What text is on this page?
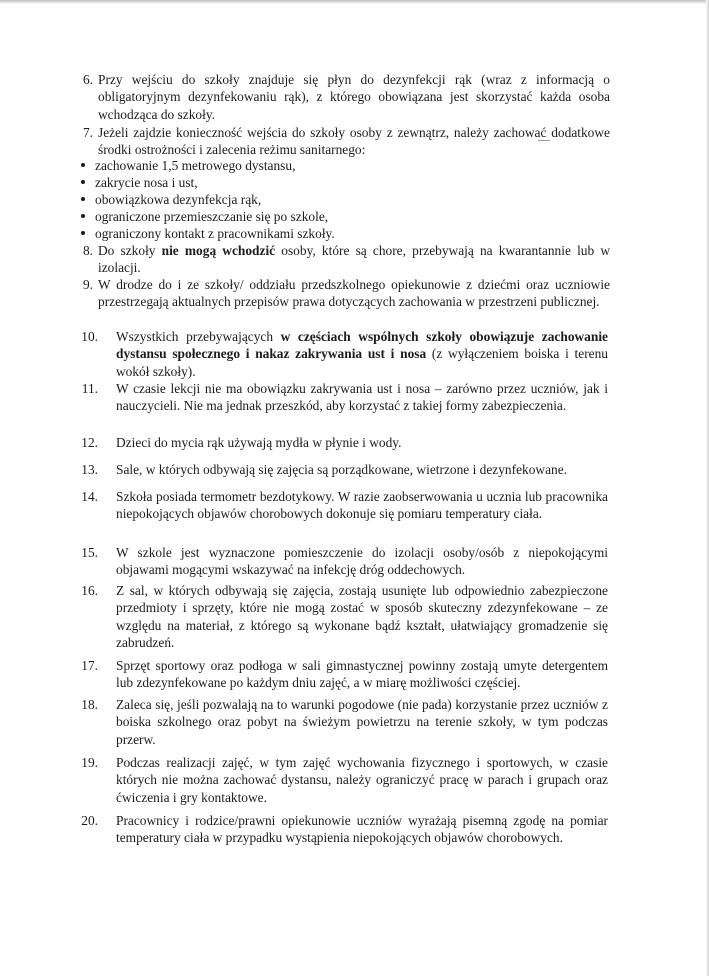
6. Przy wejściu do szkoły znajduje się płyn do dezynfekcji rąk (wraz z informacją o obligatoryjnym dezynfekowaniu rąk), z którego obowiązana jest skorzystać każda osoba wchodząca do szkoły.
7. Jeżeli zajdzie konieczność wejścia do szkoły osoby z zewnątrz, należy zachować dodatkowe środki ostrożności i zalecenia reżimu sanitarnego:
zachowanie 1,5 metrowego dystansu,
zakrycie nosa i ust,
obowiązkowa dezynfekcja rąk,
ograniczone przemieszczanie się po szkole,
ograniczony kontakt z pracownikami szkoły.
8. Do szkoły nie mogą wchodzić osoby, które są chore, przebywają na kwarantannie lub w izolacji.
9. W drodze do i ze szkoły/ oddziału przedszkolnego opiekunowie z dziećmi oraz uczniowie przestrzegają aktualnych przepisów prawa dotyczących zachowania w przestrzeni publicznej.
10. Wszystkich przebywających w częściach wspólnych szkoły obowiązuje zachowanie dystansu społecznego i nakaz zakrywania ust i nosa (z wyłączeniem boiska i terenu wokół szkoły).
11. W czasie lekcji nie ma obowiązku zakrywania ust i nosa – zarówno przez uczniów, jak i nauczycieli. Nie ma jednak przeszkód, aby korzystać z takiej formy zabezpieczenia.
12. Dzieci do mycia rąk używają mydła w płynie i wody.
13. Sale, w których odbywają się zajęcia są porządkowane, wietrzone i dezynfekowane.
14. Szkoła posiada termometr bezdotykowy. W razie zaobserwowania u ucznia lub pracownika niepokojących objawów chorobowych dokonuje się pomiaru temperatury ciała.
15. W szkole jest wyznaczone pomieszczenie do izolacji osoby/osób z niepokojącymi objawami mogącymi wskazywać na infekcję dróg oddechowych.
16. Z sal, w których odbywają się zajęcia, zostają usunięte lub odpowiednio zabezpieczone przedmioty i sprzęty, które nie mogą zostać w sposób skuteczny zdezynfekowane – ze względu na materiał, z którego są wykonane bądź kształt, ułatwiający gromadzenie się zabrudzeń.
17. Sprzęt sportowy oraz podłoga w sali gimnastycznej powinny zostają umyte detergentem lub zdezynfekowane po każdym dniu zajęć, a w miarę możliwości częściej.
18. Zaleca się, jeśli pozwalają na to warunki pogodowe (nie pada) korzystanie przez uczniów z boiska szkolnego oraz pobyt na świeżym powietrzu na terenie szkoły, w tym podczas przerw.
19. Podczas realizacji zajęć, w tym zajęć wychowania fizycznego i sportowych, w czasie których nie można zachować dystansu, należy ograniczyć pracę w parach i grupach oraz ćwiczenia i gry kontaktowe.
20. Pracownicy i rodzice/prawni opiekunowie uczniów wyrażają pisemną zgodę na pomiar temperatury ciała w przypadku wystąpienia niepokojących objawów chorobowych.
